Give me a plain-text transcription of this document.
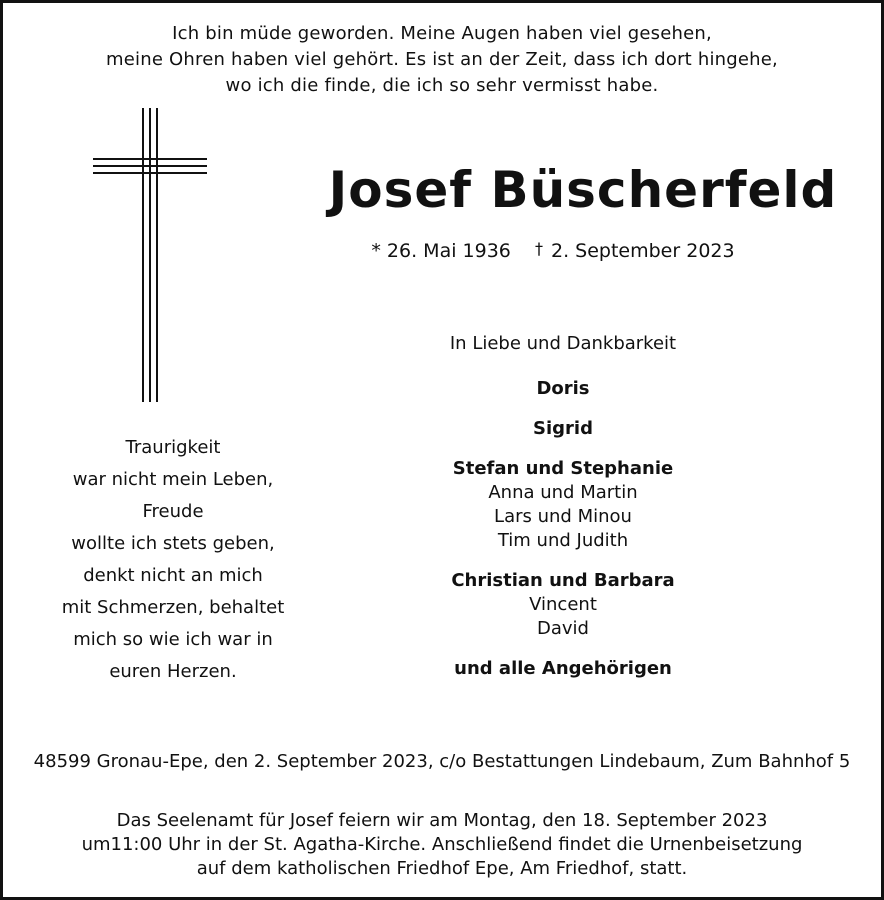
Ich bin müde geworden. Meine Augen haben viel gesehen,
meine Ohren haben viel gehört. Es ist an der Zeit, dass ich dort hingehe,
wo ich die finde, die ich so sehr vermisst habe.
Josef Büscherfeld
* 26. Mai 1936 † 2. September 2023
Traurigkeit
war nicht mein Leben,
Freude
wollte ich stets geben,
denkt nicht an mich
mit Schmerzen, behaltet
mich so wie ich war in
euren Herzen.
In Liebe und Dankbarkeit
Doris
Sigrid
Stefan und Stephanie
Anna und Martin
Lars und Minou
Tim und Judith
Christian und Barbara
Vincent
David
und alle Angehörigen
48599 Gronau-Epe, den 2. September 2023, c/o Bestattungen Lindebaum, Zum Bahnhof 5
Das Seelenamt für Josef feiern wir am Montag, den 18. September 2023
um11:00 Uhr in der St. Agatha-Kirche. Anschließend findet die Urnenbeisetzung
auf dem katholischen Friedhof Epe, Am Friedhof, statt.
